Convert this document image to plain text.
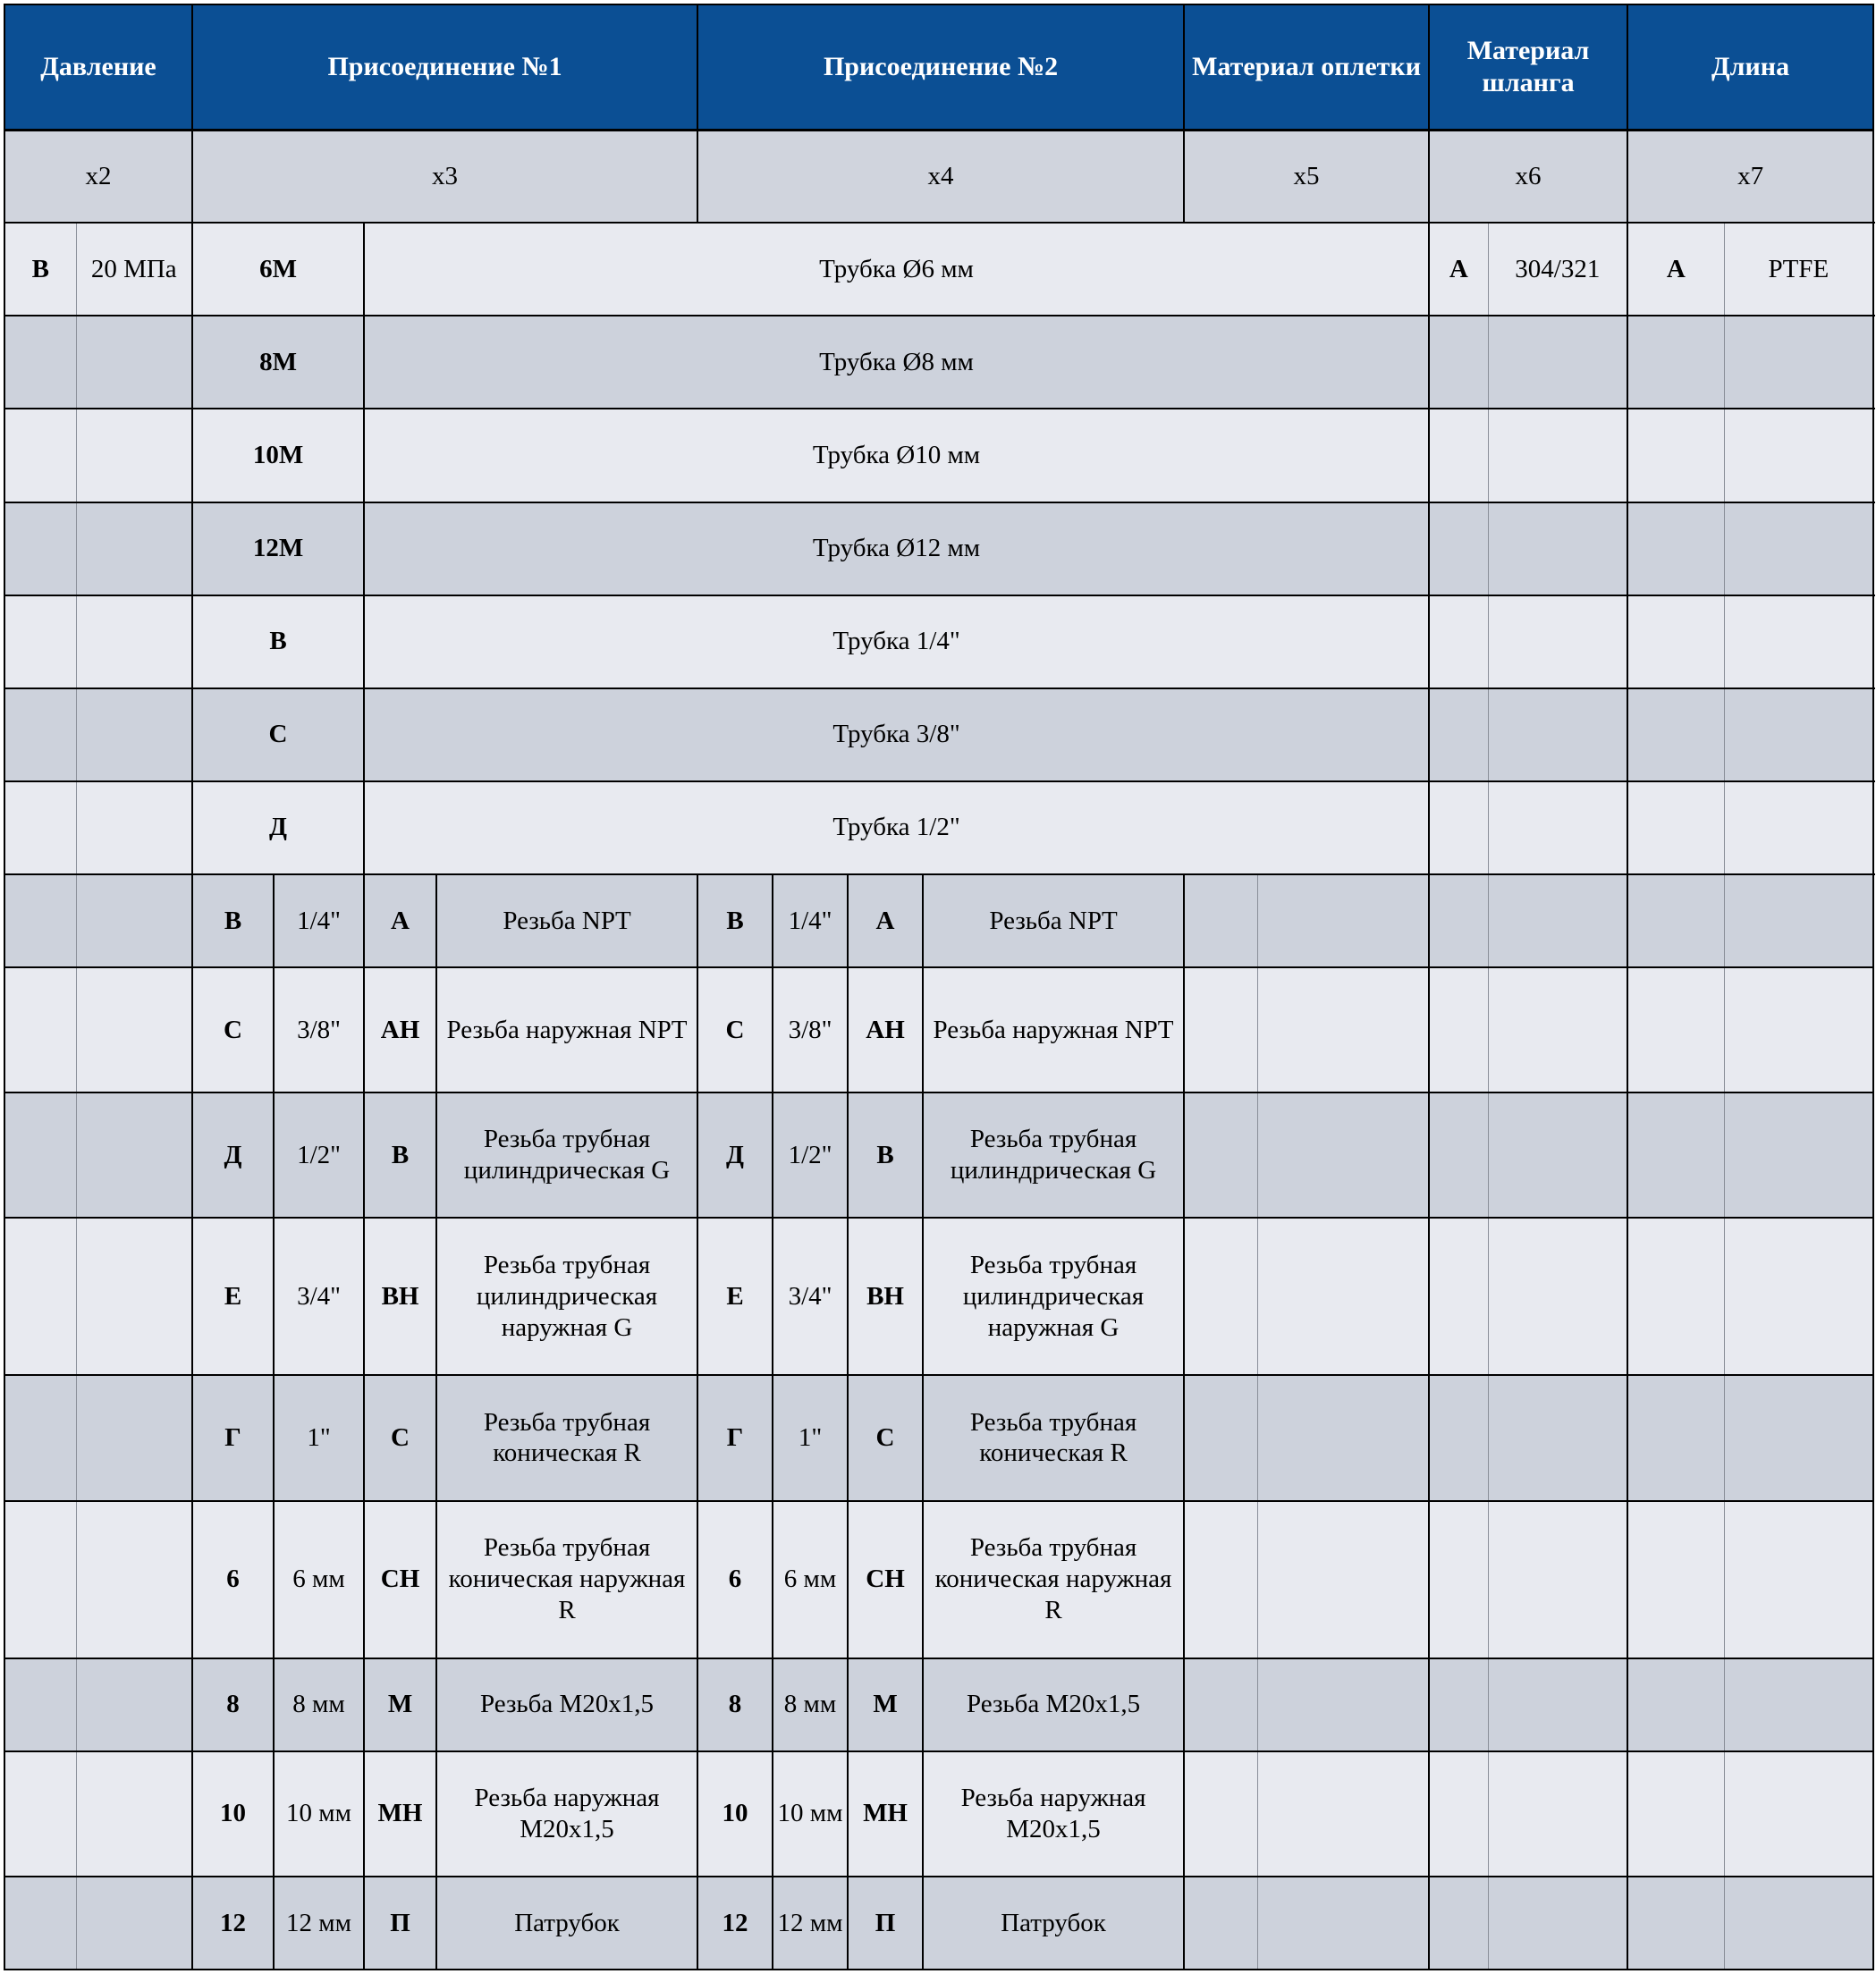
Давление		Присоединение №1				Присоединение №2				Материал оплетки		Материал шланга		Длина		
x2		x3				x4				x5		x6		x7		
В	20 МПа	6М		Трубка Ø6 мм								А	304/321	А	PTFE		
		8М		Трубка Ø8 мм												
		10М		Трубка Ø10 мм												
		12М		Трубка Ø12 мм												
		В		Трубка 1/4"												
		С		Трубка 3/8"												
		Д		Трубка 1/2"												
		В	1/4"	А	Резьба NPT	В	1/4"	А	Резьба NPT							
		С	3/8"	АН	Резьба наружная NPT	С	3/8"	АН	Резьба наружная NPT							
		Д	1/2"	В	Резьба трубная цилиндрическая G	Д	1/2"	В	Резьба трубная цилиндрическая G							
		Е	3/4"	ВН	Резьба трубная цилиндрическая наружная G	Е	3/4"	ВН	Резьба трубная цилиндрическая наружная G							
		Г	1"	С	Резьба трубная коническая R	Г	1"	С	Резьба трубная коническая R							
		6	6 мм	СН	Резьба трубная коническая наружная R	6	6 мм	СН	Резьба трубная коническая наружная R							
		8	8 мм	М	Резьба М20х1,5	8	8 мм	М	Резьба М20х1,5							
		10	10 мм	МН	Резьба наружная М20х1,5	10	10 мм	МН	Резьба наружная М20х1,5							
		12	12 мм	П	Патрубок	12	12 мм	П	Патрубок							
